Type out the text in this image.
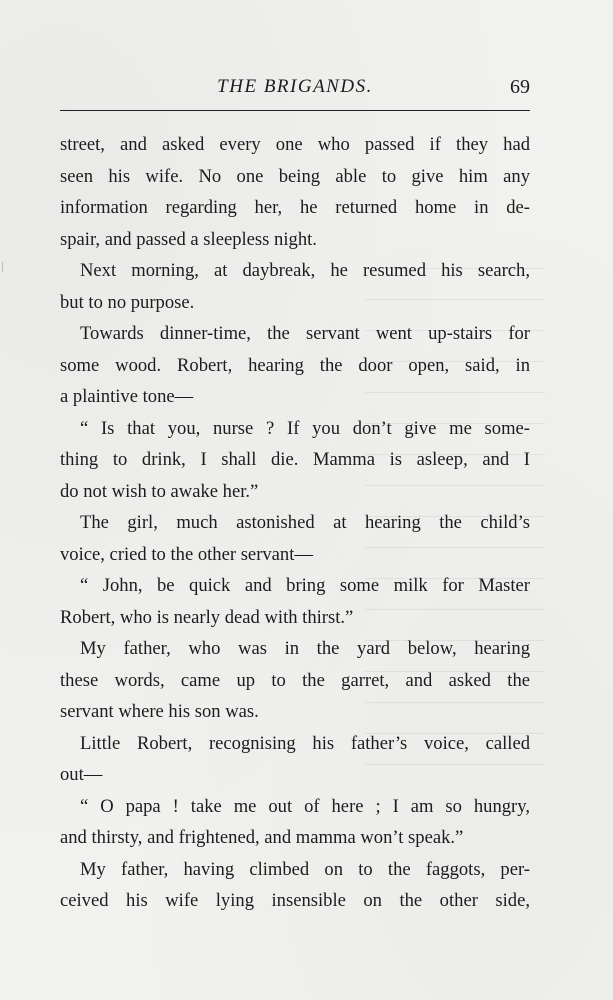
THE BRIGANDS.	69

street, and asked every one who passed if they had

seen his wife. No one being able to give him any

information regarding her, he returned home in de-

spair, and passed a sleepless night.

Next morning, at daybreak, he resumed his search,

but to no purpose.

Towards dinner-time, the servant went up-stairs for

some wood. Robert, hearing the door open, said, in

a plaintive tone—

“ Is that you, nurse ? If you don’t give me some-

thing to drink, I shall die. Mamma is asleep, and I

do not wish to awake her.”

The girl, much astonished at hearing the child’s

voice, cried to the other servant—

“ John, be quick and bring some milk for Master

Robert, who is nearly dead with thirst.”

My father, who was in the yard below, hearing

these words, came up to the garret, and asked the

servant where his son was.

Little Robert, recognising his father’s voice, called

out—

“ O papa ! take me out of here ; I am so hungry,

and thirsty, and frightened, and mamma won’t speak.”

My father, having climbed on to the faggots, per-

ceived his wife lying insensible on the other side,
